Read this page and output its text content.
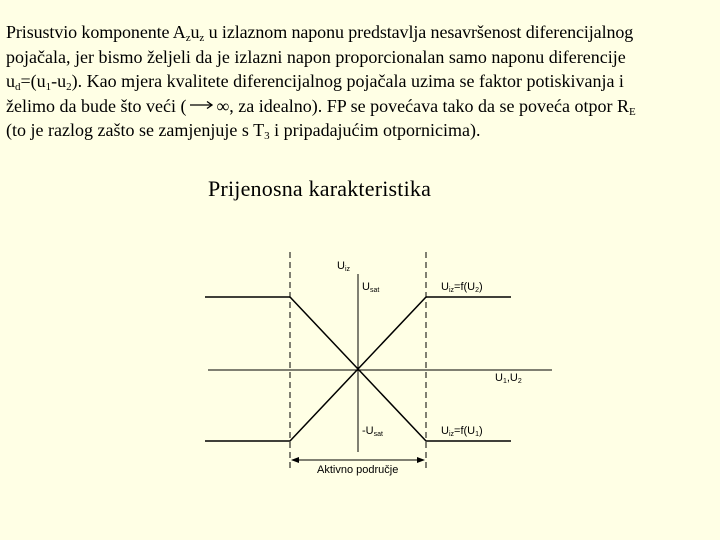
Prisustvio komponente $A_zu_z$ u izlaznom naponu predstavlja nesavršenost diferencijalnog
pojačala, jer bismo željeli da je izlazni napon proporcionalan samo naponu diferencije
$u_d=(u_1-u_2)$. Kao mjera kvalitete diferencijalnog pojačala uzima se faktor potiskivanja i
želimo da bude što veći ( ∞, za idealno). FP se povećava tako da se poveća otpor $R_E$
(to je razlog zašto se zamjenjuje s $T_3$ i pripadajućim otpornicima).
Prijenosna karakteristika
$U_{iz}$
$U_{sat}$	$U_{iz}=f(U_2)$
$U_1,U_2$
$-U_{sat}$	$U_{iz}=f(U_1)$
Aktivno područje
